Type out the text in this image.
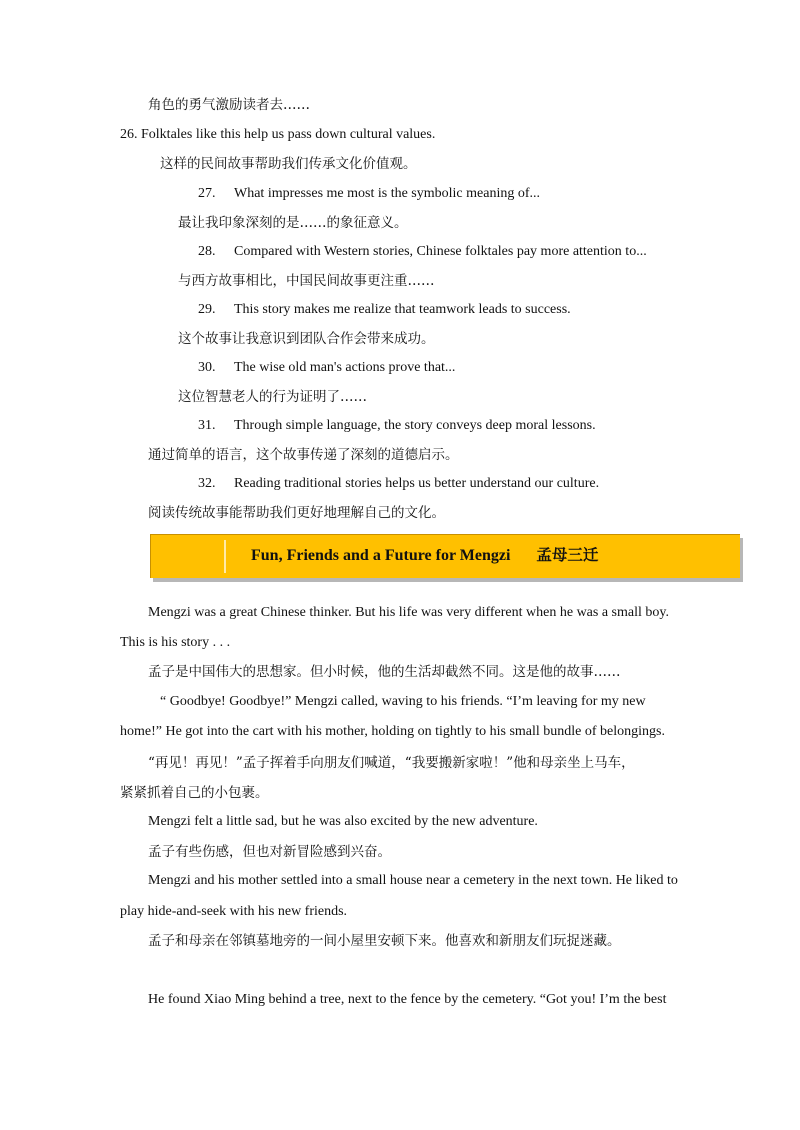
角色的勇气激励读者去……
26. Folktales like this help us pass down cultural values.
这样的民间故事帮助我们传承文化价值观。
27. What impresses me most is the symbolic meaning of...
最让我印象深刻的是……的象征意义。
28. Compared with Western stories, Chinese folktales pay more attention to...
与西方故事相比，中国民间故事更注重……
29. This story makes me realize that teamwork leads to success.
这个故事让我意识到团队合作会带来成功。
30. The wise old man's actions prove that...
这位智慧老人的行为证明了……
31. Through simple language, the story conveys deep moral lessons.
通过简单的语言，这个故事传递了深刻的道德启示。
32. Reading traditional stories helps us better understand our culture.
阅读传统故事能帮助我们更好地理解自己的文化。
Fun, Friends and a Future for Mengzi 孟母三迁
Mengzi was a great Chinese thinker. But his life was very different when he was a small boy.
This is his story . . .
孟子是中国伟大的思想家。但小时候，他的生活却截然不同。这是他的故事……
“ Goodbye! Goodbye!” Mengzi called, waving to his friends. “I’m leaving for my new
home!” He got into the cart with his mother, holding on tightly to his small bundle of belongings.
“再见！再见！”孟子挥着手向朋友们喊道，“我要搬新家啦！”他和母亲坐上马车，
紧紧抓着自己的小包裹。
Mengzi felt a little sad, but he was also excited by the new adventure.
孟子有些伤感，但也对新冒险感到兴奋。
Mengzi and his mother settled into a small house near a cemetery in the next town. He liked to
play hide-and-seek with his new friends.
孟子和母亲在邻镇墓地旁的一间小屋里安顿下来。他喜欢和新朋友们玩捉迷藏。
He found Xiao Ming behind a tree, next to the fence by the cemetery. “Got you! I’m the best
